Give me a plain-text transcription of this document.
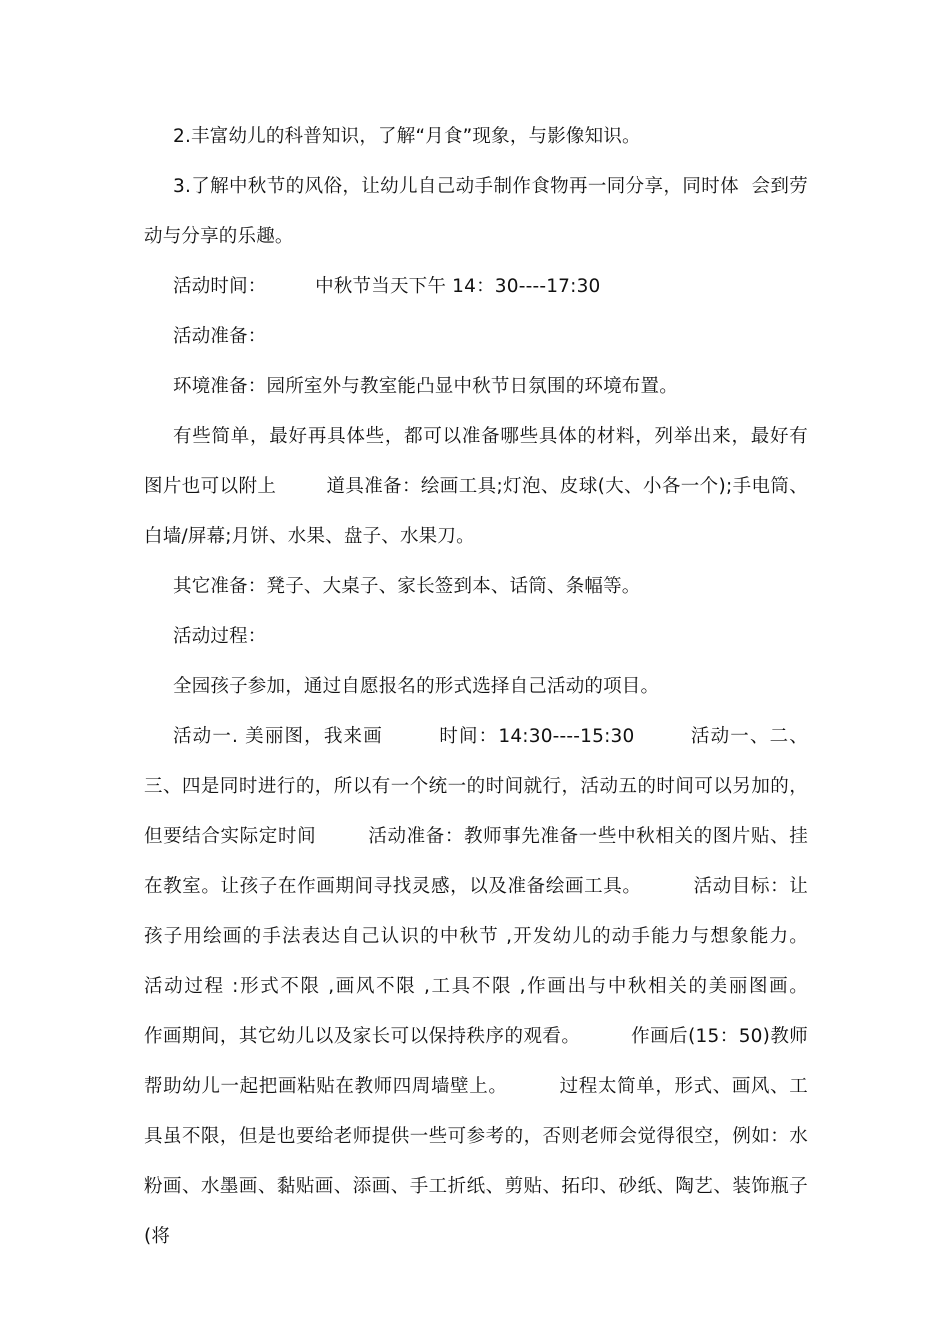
2.丰富幼儿的科普知识，了解“月食”现象，与影像知识。

3.了解中秋节的风俗，让幼儿自己动手制作食物再一同分享，同时体  会到劳动与分享的乐趣。

活动时间：        中秋节当天下午 14：30----17:30

活动准备：

环境准备：园所室外与教室能凸显中秋节日氛围的环境布置。

有些简单，最好再具体些，都可以准备哪些具体的材料，列举出来，最好有图片也可以附上        道具准备：绘画工具;灯泡、皮球(大、小各一个);手电筒、白墙/屏幕;月饼、水果、盘子、水果刀。

其它准备：凳子、大桌子、家长签到本、话筒、条幅等。

活动过程：

全园孩子参加，通过自愿报名的形式选择自己活动的项目。

活动一. 美丽图，我来画        时间：14:30----15:30        活动一、二、三、四是同时进行的，所以有一个统一的时间就行，活动五的时间可以另加的，但要结合实际定时间        活动准备：教师事先准备一些中秋相关的图片贴、挂在教室。让孩子在作画期间寻找灵感，以及准备绘画工具。        活动目标：让孩子用绘画的手法表达自己认识的中秋节 ,开发幼儿的动手能力与想象能力。        活动过程 :形式不限 ,画风不限 ,工具不限 ,作画出与中秋相关的美丽图画。        作画期间，其它幼儿以及家长可以保持秩序的观看。        作画后(15：50)教师帮助幼儿一起把画粘贴在教师四周墙壁上。        过程太简单，形式、画风、工具虽不限，但是也要给老师提供一些可参考的，否则老师会觉得很空，例如：水粉画、水墨画、黏贴画、添画、手工折纸、剪贴、拓印、砂纸、陶艺、装饰瓶子(将
